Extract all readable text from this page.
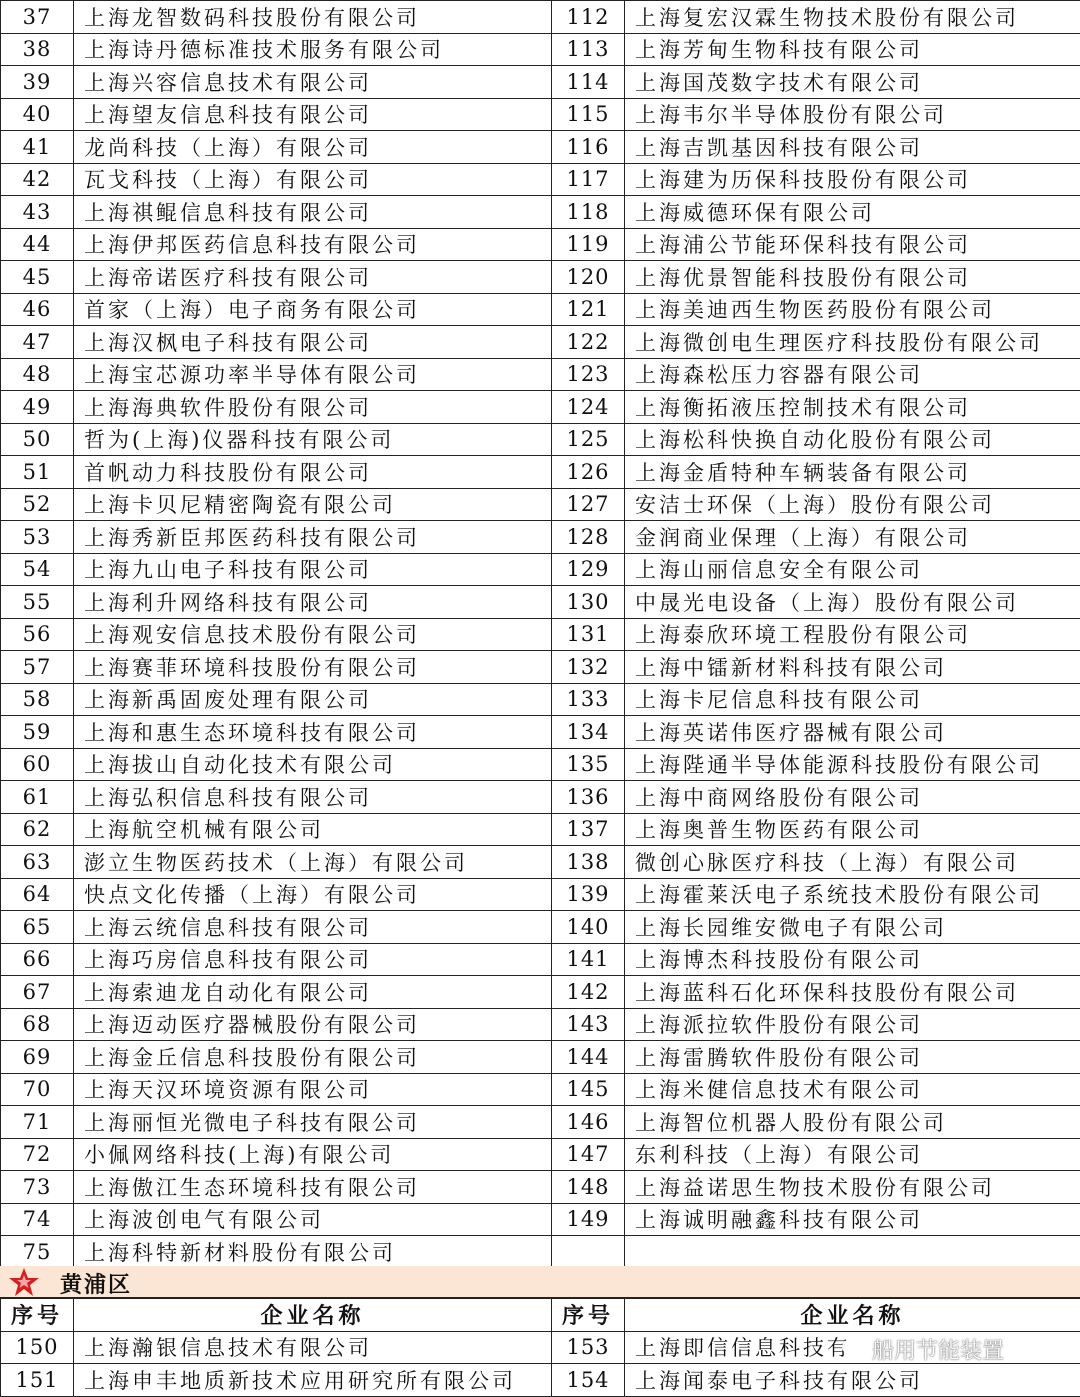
37	上海龙智数码科技股份有限公司	112	上海复宏汉霖生物技术股份有限公司
38	上海诗丹德标准技术服务有限公司	113	上海芳甸生物科技有限公司
39	上海兴容信息技术有限公司	114	上海国茂数字技术有限公司
40	上海望友信息科技有限公司	115	上海韦尔半导体股份有限公司
41	龙尚科技（上海）有限公司	116	上海吉凯基因科技有限公司
42	瓦戈科技（上海）有限公司	117	上海建为历保科技股份有限公司
43	上海祺鲲信息科技有限公司	118	上海威德环保有限公司
44	上海伊邦医药信息科技有限公司	119	上海浦公节能环保科技有限公司
45	上海帝诺医疗科技有限公司	120	上海优景智能科技股份有限公司
46	首家（上海）电子商务有限公司	121	上海美迪西生物医药股份有限公司
47	上海汉枫电子科技有限公司	122	上海微创电生理医疗科技股份有限公司
48	上海宝芯源功率半导体有限公司	123	上海森松压力容器有限公司
49	上海海典软件股份有限公司	124	上海衡拓液压控制技术有限公司
50	哲为(上海)仪器科技有限公司	125	上海松科快换自动化股份有限公司
51	首帆动力科技股份有限公司	126	上海金盾特种车辆装备有限公司
52	上海卡贝尼精密陶瓷有限公司	127	安洁士环保（上海）股份有限公司
53	上海秀新臣邦医药科技有限公司	128	金润商业保理（上海）有限公司
54	上海九山电子科技有限公司	129	上海山丽信息安全有限公司
55	上海利升网络科技有限公司	130	中晟光电设备（上海）股份有限公司
56	上海观安信息技术股份有限公司	131	上海泰欣环境工程股份有限公司
57	上海赛菲环境科技股份有限公司	132	上海中镭新材料科技有限公司
58	上海新禹固废处理有限公司	133	上海卡尼信息科技有限公司
59	上海和惠生态环境科技有限公司	134	上海英诺伟医疗器械有限公司
60	上海拔山自动化技术有限公司	135	上海陛通半导体能源科技股份有限公司
61	上海弘积信息科技有限公司	136	上海中商网络股份有限公司
62	上海航空机械有限公司	137	上海奥普生物医药有限公司
63	澎立生物医药技术（上海）有限公司	138	微创心脉医疗科技（上海）有限公司
64	快点文化传播（上海）有限公司	139	上海霍莱沃电子系统技术股份有限公司
65	上海云统信息科技有限公司	140	上海长园维安微电子有限公司
66	上海巧房信息科技有限公司	141	上海博杰科技股份有限公司
67	上海索迪龙自动化有限公司	142	上海蓝科石化环保科技股份有限公司
68	上海迈动医疗器械股份有限公司	143	上海派拉软件股份有限公司
69	上海金丘信息科技股份有限公司	144	上海雷腾软件股份有限公司
70	上海天汉环境资源有限公司	145	上海米健信息技术有限公司
71	上海丽恒光微电子科技有限公司	146	上海智位机器人股份有限公司
72	小佩网络科技(上海)有限公司	147	东利科技（上海）有限公司
73	上海傲江生态环境科技有限公司	148	上海益诺思生物技术股份有限公司
74	上海波创电气有限公司	149	上海诚明融鑫科技有限公司
75	上海科特新材料股份有限公司		
黄浦区
序号	企业名称	序号	企业名称
150	上海瀚银信息技术有限公司	153	上海即信信息科技有
151	上海申丰地质新技术应用研究所有限公司	154	上海闻泰电子科技有限公司
船用节能装置
